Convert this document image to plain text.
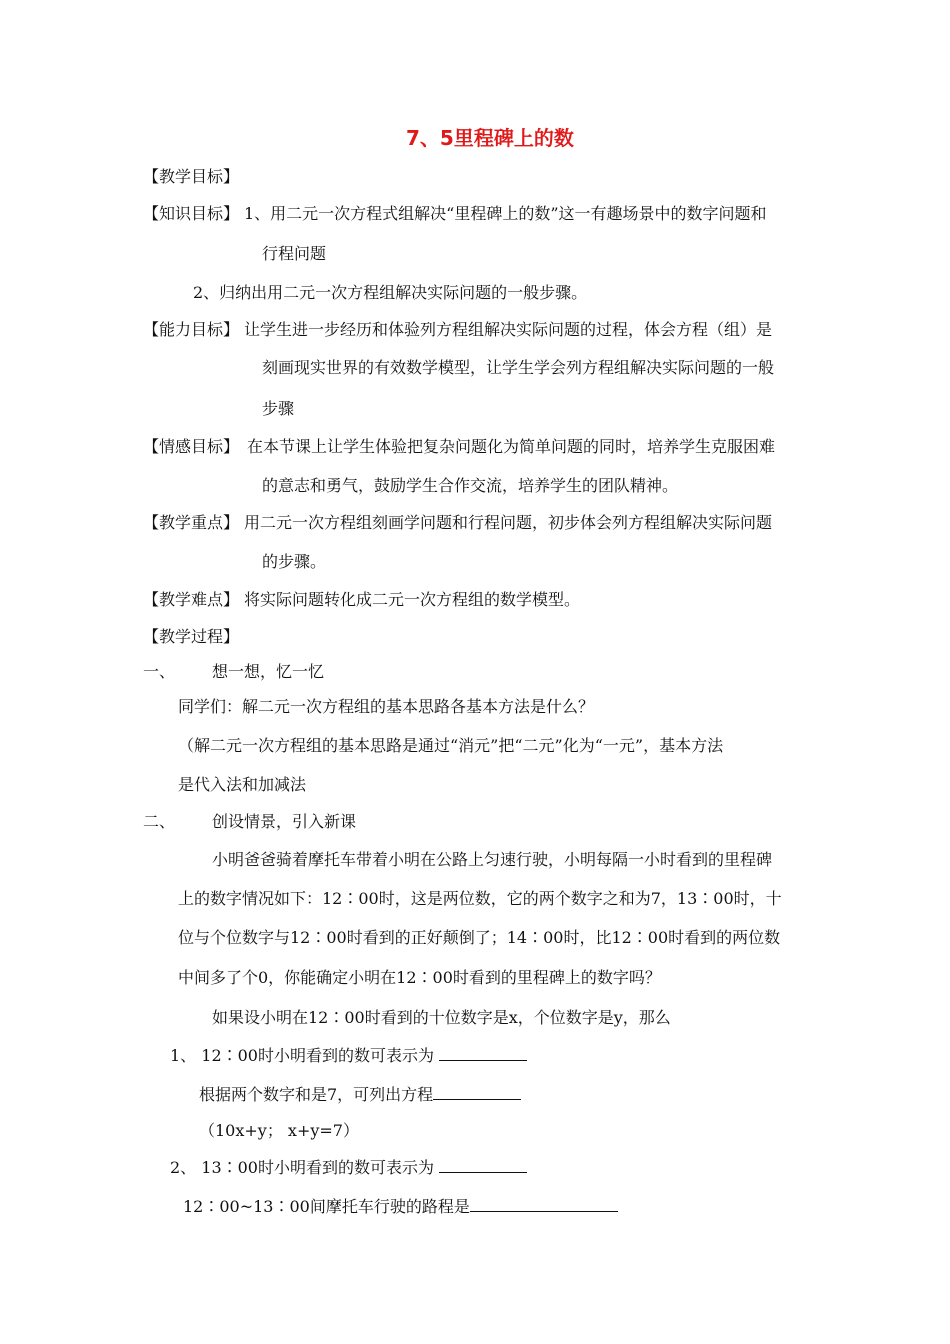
7、5里程碑上的数
【教学目标】
【知识目标】 1、用二元一次方程式组解决“里程碑上的数”这一有趣场景中的数字问题和
行程问题
2、归纳出用二元一次方程组解决实际问题的一般步骤。
【能力目标】 让学生进一步经历和体验列方程组解决实际问题的过程，体会方程（组）是
刻画现实世界的有效数学模型，让学生学会列方程组解决实际问题的一般
步骤
【情感目标】 在本节课上让学生体验把复杂问题化为简单问题的同时，培养学生克服困难
的意志和勇气，鼓励学生合作交流，培养学生的团队精神。
【教学重点】 用二元一次方程组刻画学问题和行程问题，初步体会列方程组解决实际问题
的步骤。
【教学难点】 将实际问题转化成二元一次方程组的数学模型。
【教学过程】
一、 想一想，忆一忆
同学们：解二元一次方程组的基本思路各基本方法是什么？
（解二元一次方程组的基本思路是通过“消元”把“二元”化为“一元”，基本方法
是代入法和加减法
二、 创设情景，引入新课
小明爸爸骑着摩托车带着小明在公路上匀速行驶，小明每隔一小时看到的里程碑
上的数字情况如下：12∶00时，这是两位数，它的两个数字之和为7，13∶00时，十
位与个位数字与12∶00时看到的正好颠倒了；14∶00时，比12∶00时看到的两位数
中间多了个0，你能确定小明在12∶00时看到的里程碑上的数字吗？
如果设小明在12∶00时看到的十位数字是x，个位数字是y，那么
1、 12∶00时小明看到的数可表示为
根据两个数字和是7，可列出方程
（10x+y； x+y=7）
2、 13∶00时小明看到的数可表示为
12∶00~13∶00间摩托车行驶的路程是
